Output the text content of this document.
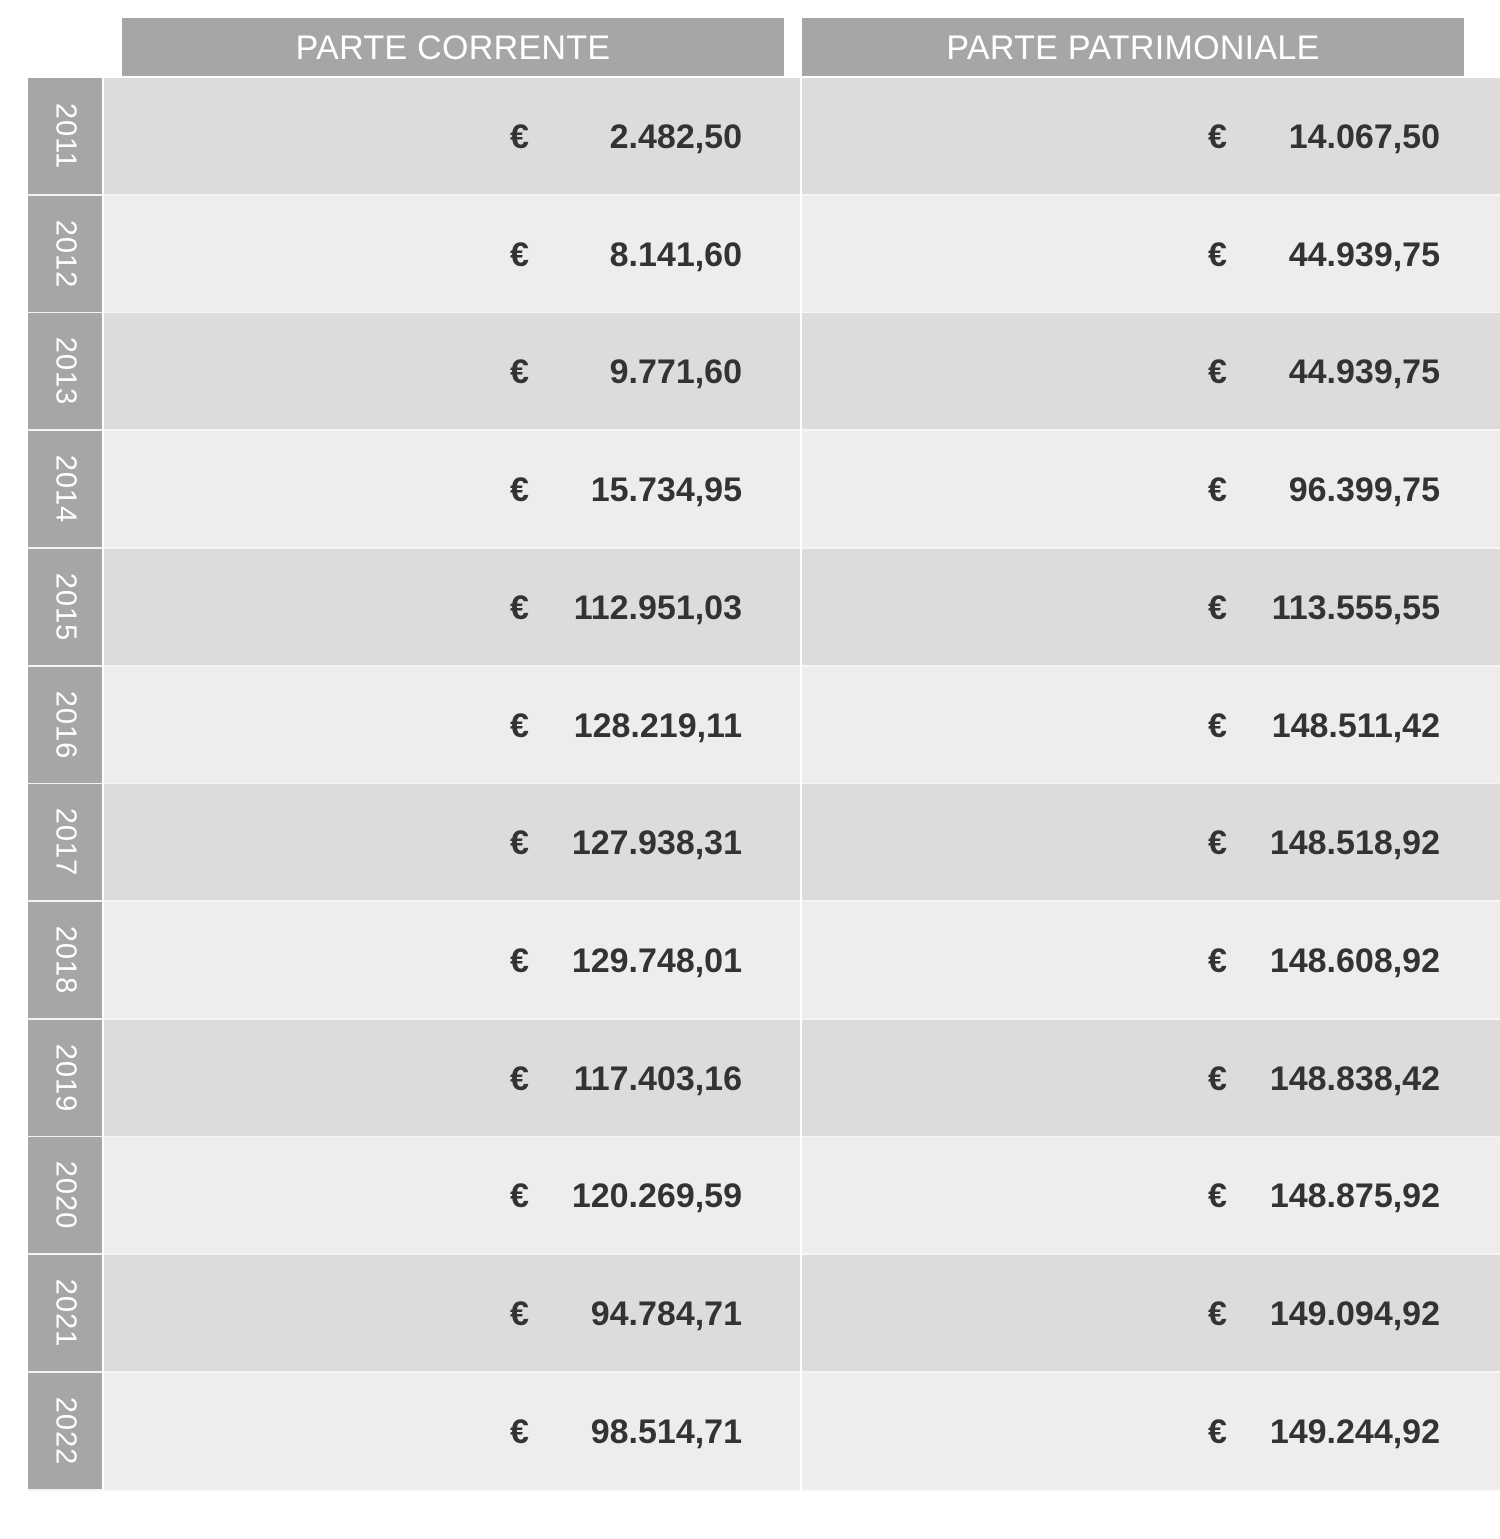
PARTE CORRENTE	PARTE PATRIMONIALE
2011	€ 2.482,50	€ 14.067,50
2012	€ 8.141,60	€ 44.939,75
2013	€ 9.771,60	€ 44.939,75
2014	€ 15.734,95	€ 96.399,75
2015	€ 112.951,03	€ 113.555,55
2016	€ 128.219,11	€ 148.511,42
2017	€ 127.938,31	€ 148.518,92
2018	€ 129.748,01	€ 148.608,92
2019	€ 117.403,16	€ 148.838,42
2020	€ 120.269,59	€ 148.875,92
2021	€ 94.784,71	€ 149.094,92
2022	€ 98.514,71	€ 149.244,92
